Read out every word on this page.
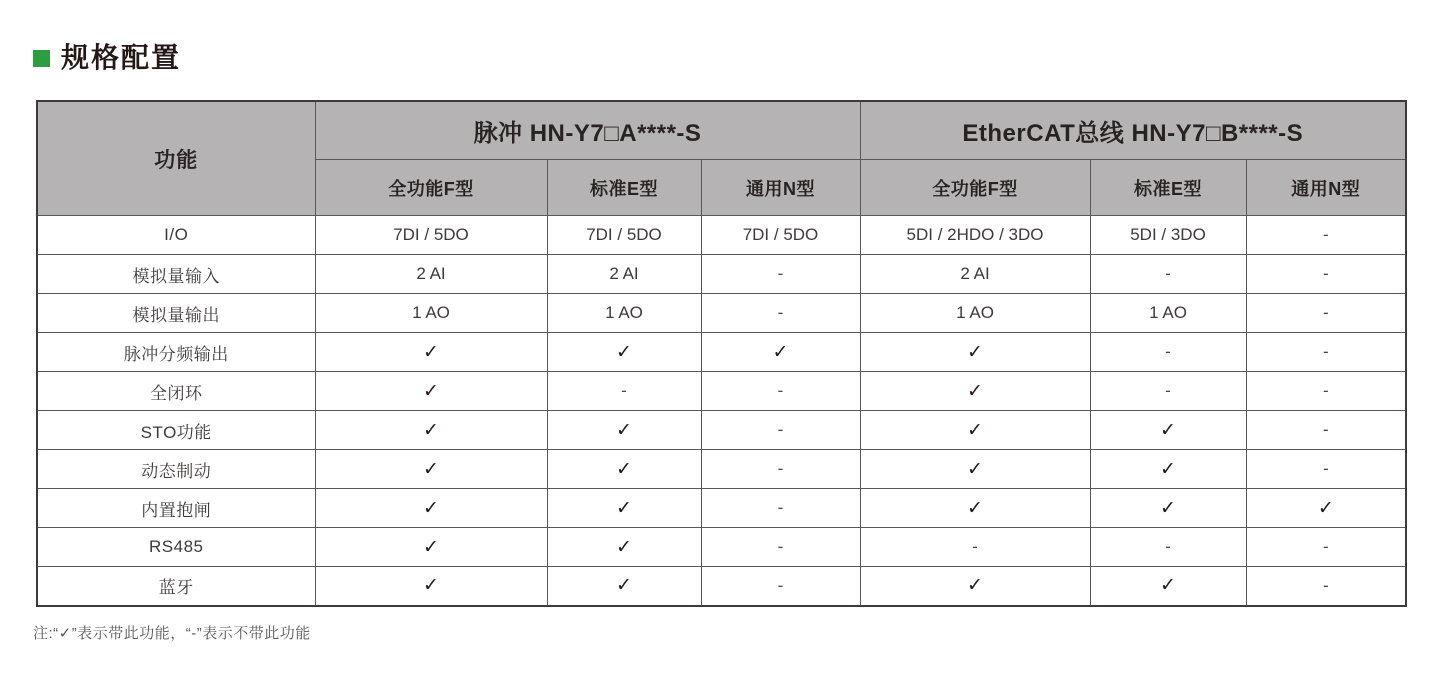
规格配置
功能	脉冲 HN-Y7□A****-S			EtherCAT总线 HN-Y7□B****-S		
	全功能F型	标准E型	通用N型	全功能F型	标准E型	通用N型
I/O	7DI / 5DO	7DI / 5DO	7DI / 5DO	5DI / 2HDO / 3DO	5DI / 3DO	-
模拟量输入	2 AI	2 AI	-	2 AI	-	-
模拟量输出	1 AO	1 AO	-	1 AO	1 AO	-
脉冲分频输出	✓	✓	✓	✓	-	-
全闭环	✓	-	-	✓	-	-
STO功能	✓	✓	-	✓	✓	-
动态制动	✓	✓	-	✓	✓	-
内置抱闸	✓	✓	-	✓	✓	✓
RS485	✓	✓	-	-	-	-
蓝牙	✓	✓	-	✓	✓	-
注:“✓”表示带此功能，“-”表示不带此功能
